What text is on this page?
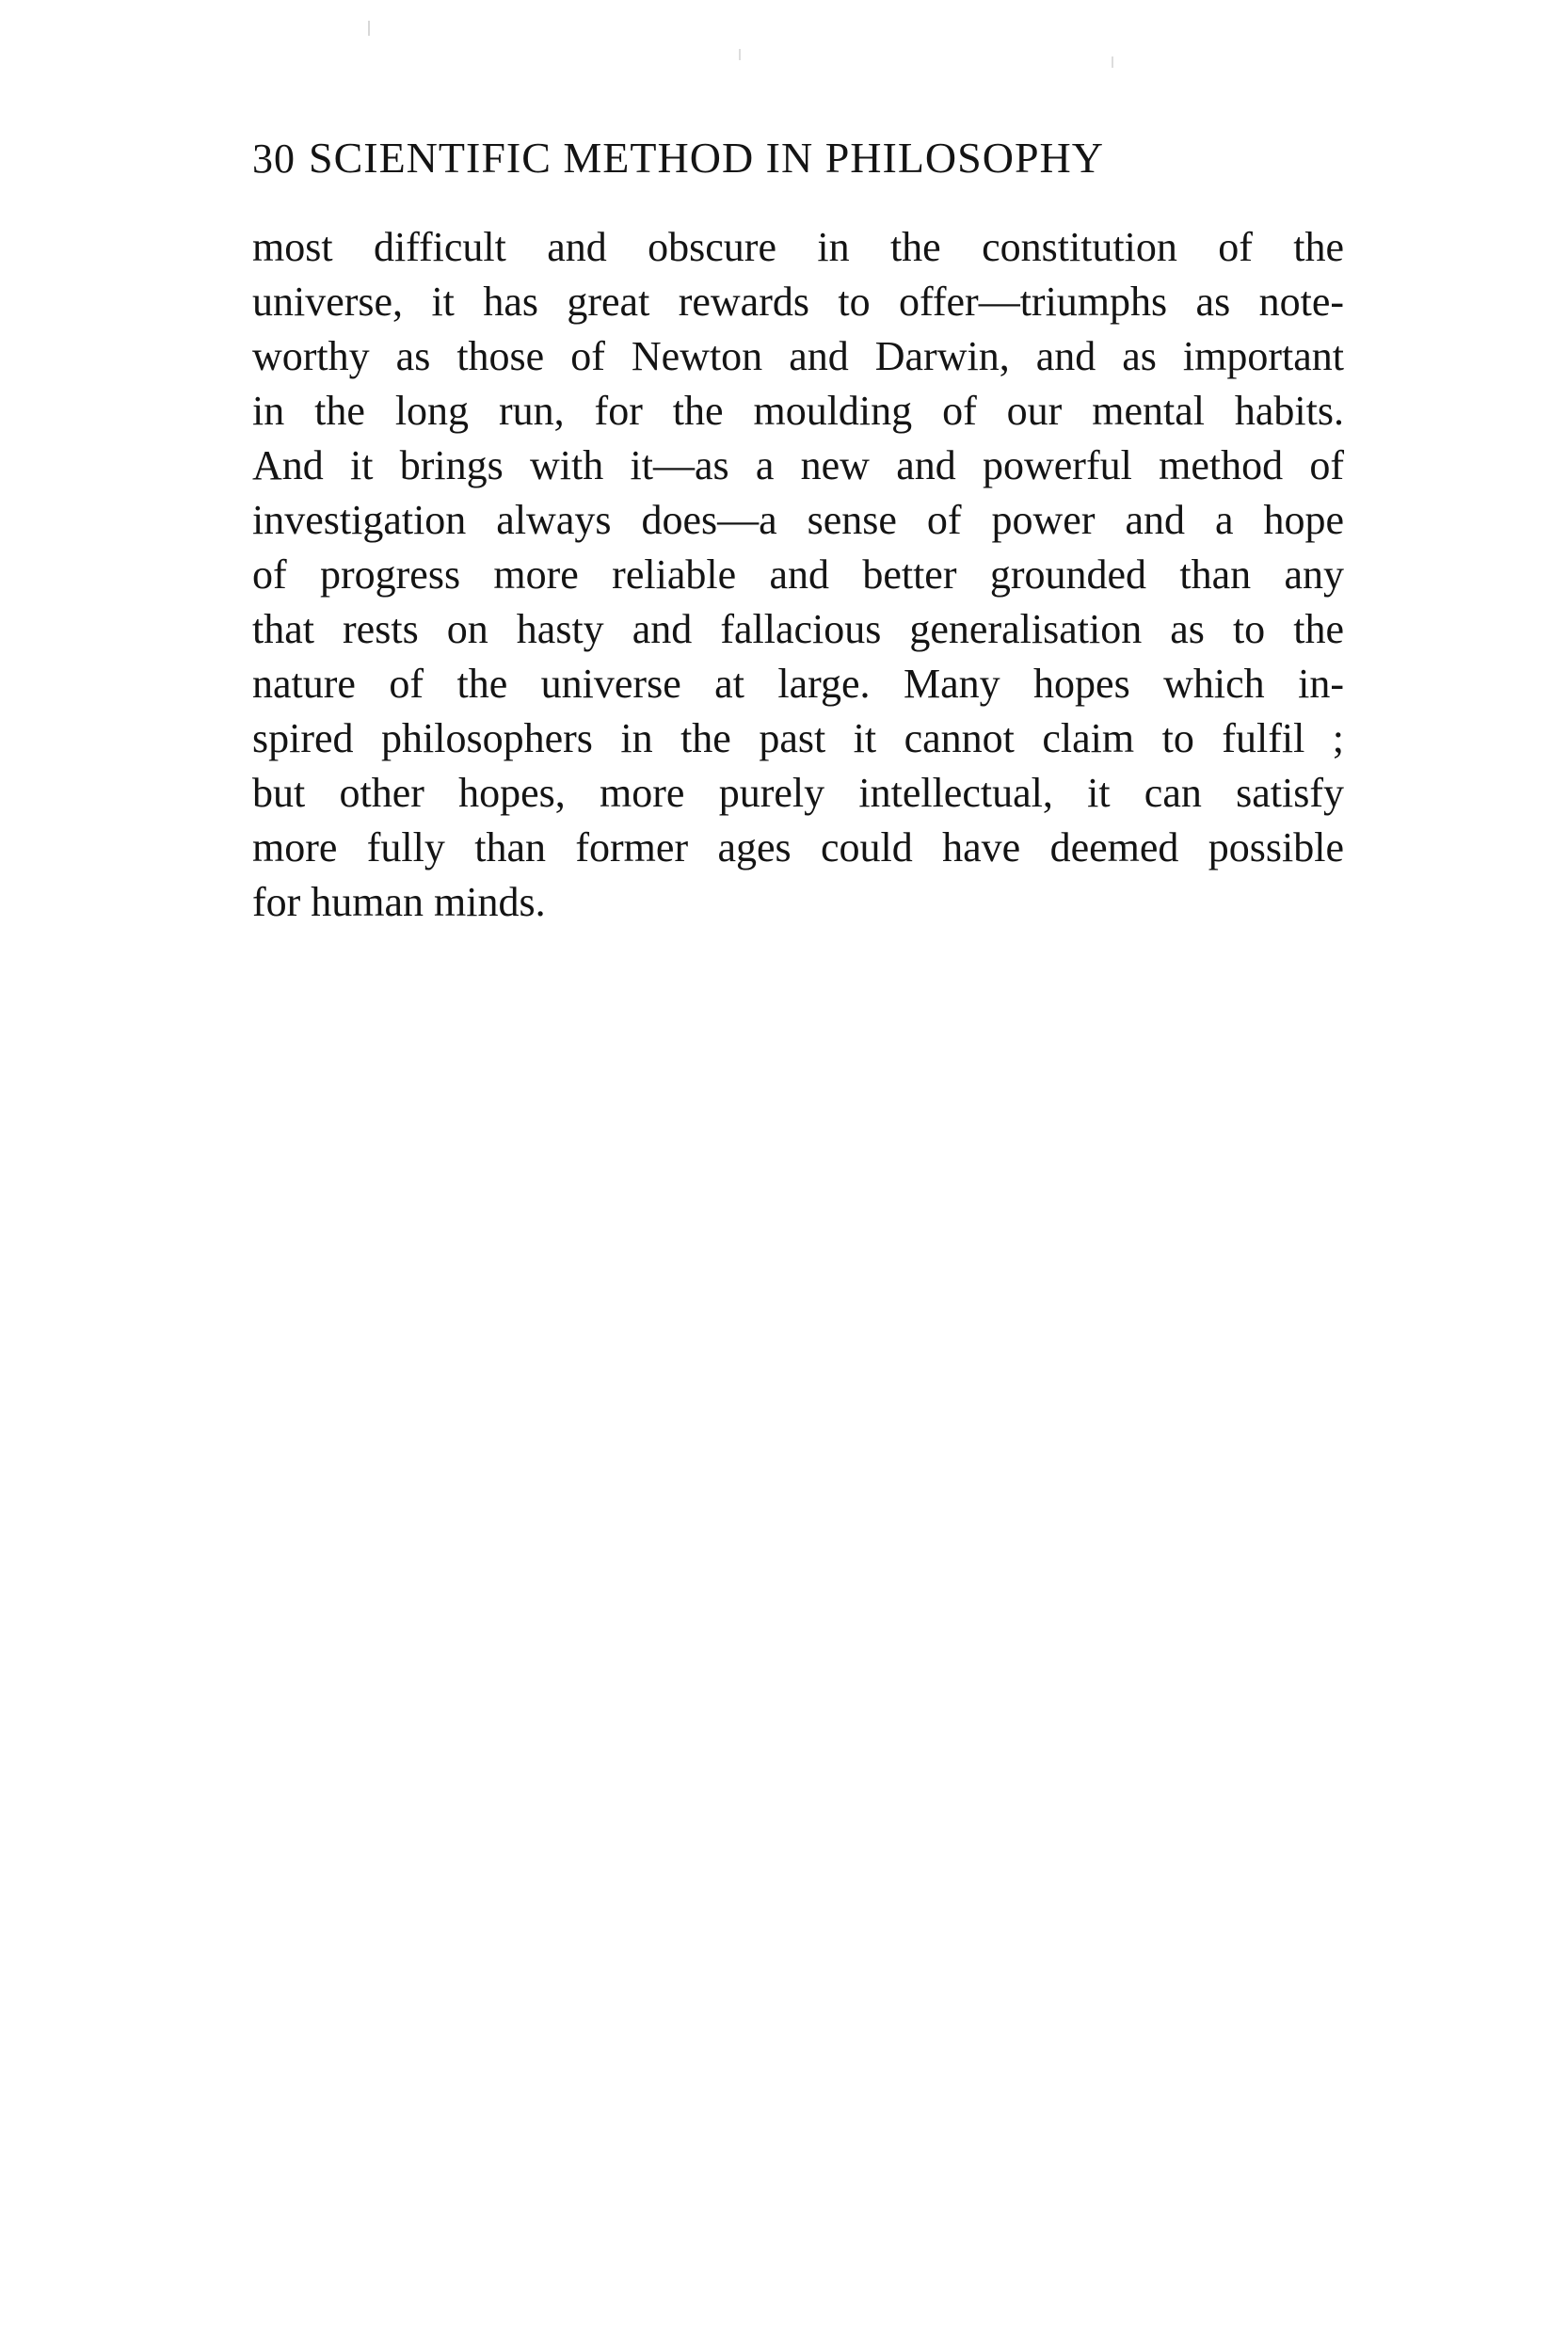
30 SCIENTIFIC METHOD IN PHILOSOPHY
most difficult and obscure in the constitution of the
universe, it has great rewards to offer—triumphs as note-
worthy as those of Newton and Darwin, and as important
in the long run, for the moulding of our mental habits.
And it brings with it—as a new and powerful method of
investigation always does—a sense of power and a hope
of progress more reliable and better grounded than any
that rests on hasty and fallacious generalisation as to the
nature of the universe at large. Many hopes which in-
spired philosophers in the past it cannot claim to fulfil ;
but other hopes, more purely intellectual, it can satisfy
more fully than former ages could have deemed possible
for human minds.
